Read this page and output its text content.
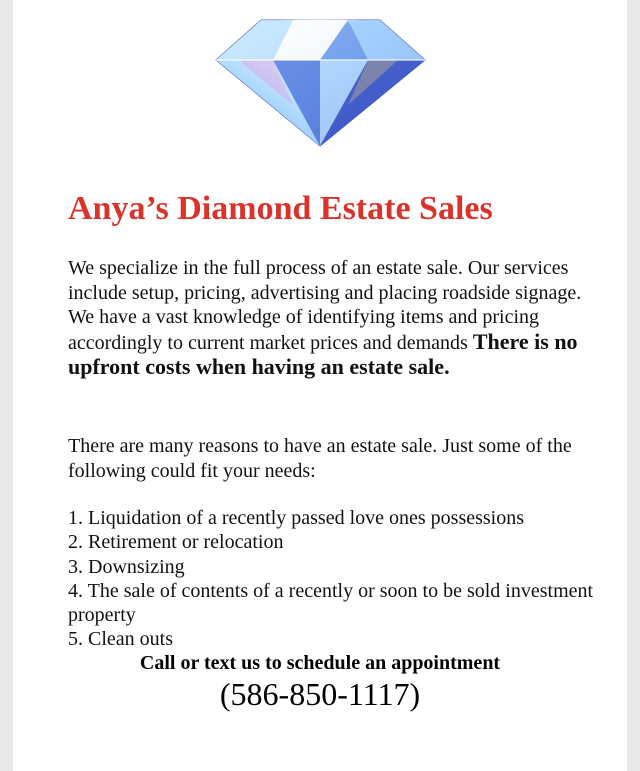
Anya’s Diamond Estate Sales

We specialize in the full process of an estate sale. Our services include setup, pricing, advertising and placing roadside signage. We have a vast knowledge of identifying items and pricing accordingly to current market prices and demands There is no upfront costs when having an estate sale.

There are many reasons to have an estate sale. Just some of the following could fit your needs:

1. Liquidation of a recently passed love ones possessions
2. Retirement or relocation
3. Downsizing
4. The sale of contents of a recently or soon to be sold investment property
5. Clean outs

Call or text us to schedule an appointment

(586-850-1117)
